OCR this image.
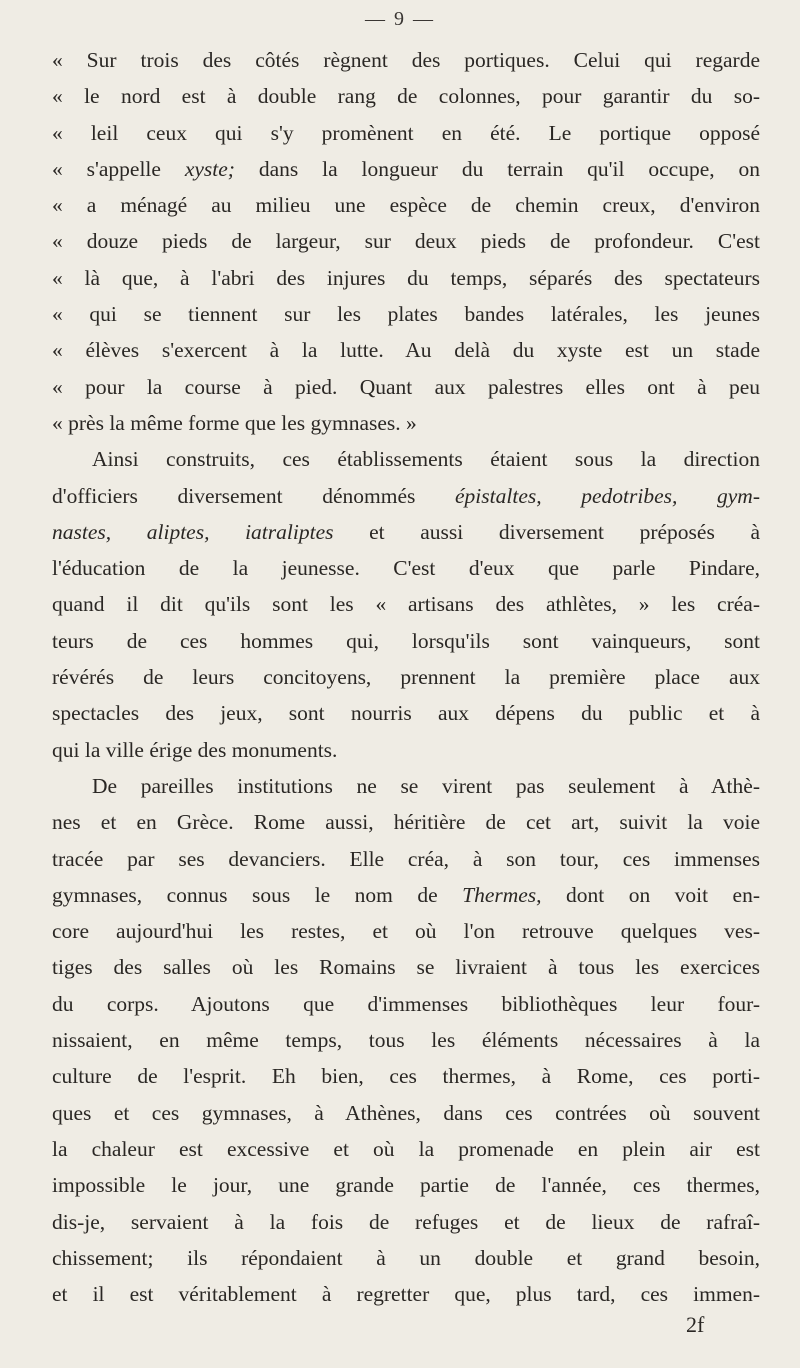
— 9 —
« Sur trois des côtés règnent des portiques. Celui qui regarde
« le nord est à double rang de colonnes, pour garantir du so-
« leil ceux qui s'y promènent en été. Le portique opposé
« s'appelle xyste; dans la longueur du terrain qu'il occupe, on
« a ménagé au milieu une espèce de chemin creux, d'environ
« douze pieds de largeur, sur deux pieds de profondeur. C'est
« là que, à l'abri des injures du temps, séparés des spectateurs
« qui se tiennent sur les plates bandes latérales, les jeunes
« élèves s'exercent à la lutte. Au delà du xyste est un stade
« pour la course à pied. Quant aux palestres elles ont à peu
« près la même forme que les gymnases. »
Ainsi construits, ces établissements étaient sous la direction
d'officiers diversement dénommés épistaltes, pedotribes, gym-
nastes, aliptes, iatraliptes et aussi diversement préposés à
l'éducation de la jeunesse. C'est d'eux que parle Pindare,
quand il dit qu'ils sont les « artisans des athlètes, » les créa-
teurs de ces hommes qui, lorsqu'ils sont vainqueurs, sont
révérés de leurs concitoyens, prennent la première place aux
spectacles des jeux, sont nourris aux dépens du public et à
qui la ville érige des monuments.
De pareilles institutions ne se virent pas seulement à Athè-
nes et en Grèce. Rome aussi, héritière de cet art, suivit la voie
tracée par ses devanciers. Elle créa, à son tour, ces immenses
gymnases, connus sous le nom de Thermes, dont on voit en-
core aujourd'hui les restes, et où l'on retrouve quelques ves-
tiges des salles où les Romains se livraient à tous les exercices
du corps. Ajoutons que d'immenses bibliothèques leur four-
nissaient, en même temps, tous les éléments nécessaires à la
culture de l'esprit. Eh bien, ces thermes, à Rome, ces porti-
ques et ces gymnases, à Athènes, dans ces contrées où souvent
la chaleur est excessive et où la promenade en plein air est
impossible le jour, une grande partie de l'année, ces thermes,
dis-je, servaient à la fois de refuges et de lieux de rafraî-
chissement; ils répondaient à un double et grand besoin,
et il est véritablement à regretter que, plus tard, ces immen-
2f
